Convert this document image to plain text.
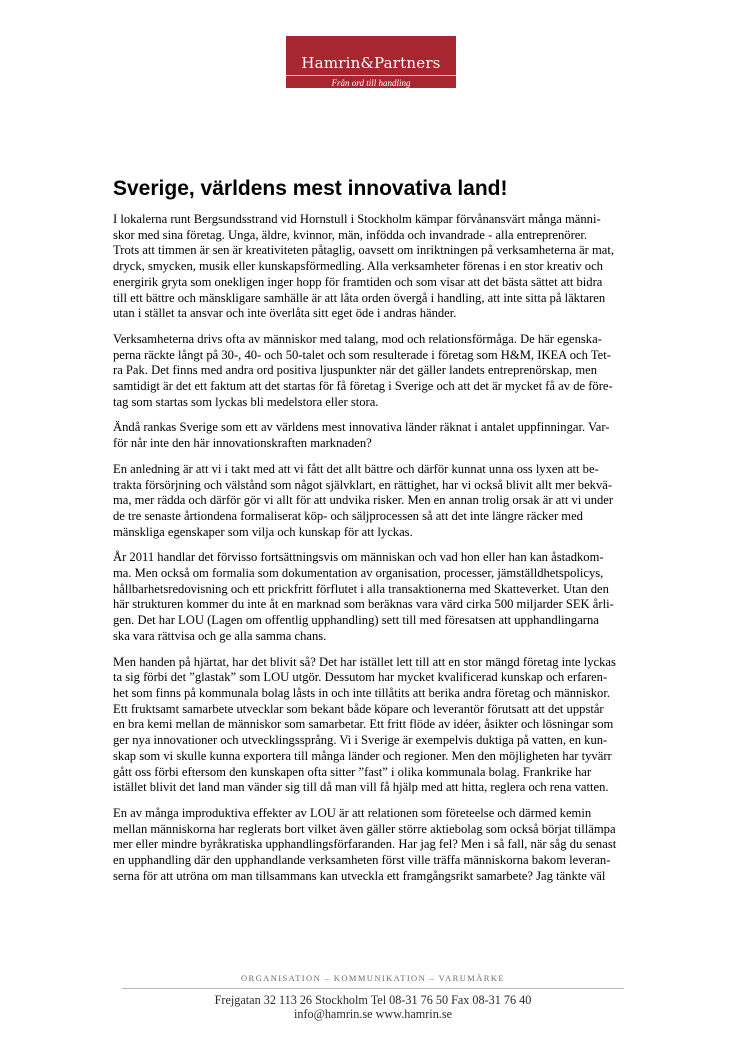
Hamrin&Partners
Från ord till handling
Sverige, världens mest innovativa land!

I lokalerna runt Bergsundsstrand vid Hornstull i Stockholm kämpar förvånansvärt många männi-
skor med sina företag. Unga, äldre, kvinnor, män, infödda och invandrade - alla entreprenörer.
Trots att timmen är sen är kreativiteten påtaglig, oavsett om inriktningen på verksamheterna är mat,
dryck, smycken, musik eller kunskapsförmedling. Alla verksamheter förenas i en stor kreativ och
energirik gryta som onekligen inger hopp för framtiden och som visar att det bästa sättet att bidra
till ett bättre och mänskligare samhälle är att låta orden övergå i handling, att inte sitta på läktaren
utan i stället ta ansvar och inte överlåta sitt eget öde i andras händer.

Verksamheterna drivs ofta av människor med talang, mod och relationsförmåga. De här egenska-
perna räckte långt på 30-, 40- och 50-talet och som resulterade i företag som H&M, IKEA och Tet-
ra Pak. Det finns med andra ord positiva ljuspunkter när det gäller landets entreprenörskap, men
samtidigt är det ett faktum att det startas för få företag i Sverige och att det är mycket få av de före-
tag som startas som lyckas bli medelstora eller stora.

Ändå rankas Sverige som ett av världens mest innovativa länder räknat i antalet uppfinningar. Var-
för når inte den här innovationskraften marknaden?

En anledning är att vi i takt med att vi fått det allt bättre och därför kunnat unna oss lyxen att be-
trakta försörjning och välstånd som något självklart, en rättighet, har vi också blivit allt mer bekvä-
ma, mer rädda och därför gör vi allt för att undvika risker. Men en annan trolig orsak är att vi under
de tre senaste årtiondena formaliserat köp- och säljprocessen så att det inte längre räcker med
mänskliga egenskaper som vilja och kunskap för att lyckas.

År 2011 handlar det förvisso fortsättningsvis om människan och vad hon eller han kan åstadkom-
ma. Men också om formalia som dokumentation av organisation, processer, jämställdhetspolicys,
hållbarhetsredovisning och ett prickfritt förflutet i alla transaktionerna med Skatteverket. Utan den
här strukturen kommer du inte åt en marknad som beräknas vara värd cirka 500 miljarder SEK årli-
gen. Det har LOU (Lagen om offentlig upphandling) sett till med föresatsen att upphandlingarna
ska vara rättvisa och ge alla samma chans.

Men handen på hjärtat, har det blivit så? Det har istället lett till att en stor mängd företag inte lyckas
ta sig förbi det ”glastak” som LOU utgör. Dessutom har mycket kvalificerad kunskap och erfaren-
het som finns på kommunala bolag låsts in och inte tillåtits att berika andra företag och människor.
Ett fruktsamt samarbete utvecklar som bekant både köpare och leverantör förutsatt att det uppstår
en bra kemi mellan de människor som samarbetar. Ett fritt flöde av idéer, åsikter och lösningar som
ger nya innovationer och utvecklingssprång. Vi i Sverige är exempelvis duktiga på vatten, en kun-
skap som vi skulle kunna exportera till många länder och regioner. Men den möjligheten har tyvärr
gått oss förbi eftersom den kunskapen ofta sitter ”fast” i olika kommunala bolag. Frankrike har
istället blivit det land man vänder sig till då man vill få hjälp med att hitta, reglera och rena vatten.

En av många improduktiva effekter av LOU är att relationen som företeelse och därmed kemin
mellan människorna har reglerats bort vilket även gäller större aktiebolag som också börjat tillämpa
mer eller mindre byråkratiska upphandlingsförfaranden. Har jag fel? Men i så fall, när såg du senast
en upphandling där den upphandlande verksamheten först ville träffa människorna bakom leveran-
serna för att utröna om man tillsammans kan utveckla ett framgångsrikt samarbete? Jag tänkte väl

ORGANISATION – KOMMUNIKATION – VARUMÄRKE
Frejgatan 32 113 26 Stockholm Tel 08-31 76 50 Fax 08-31 76 40
info@hamrin.se www.hamrin.se
